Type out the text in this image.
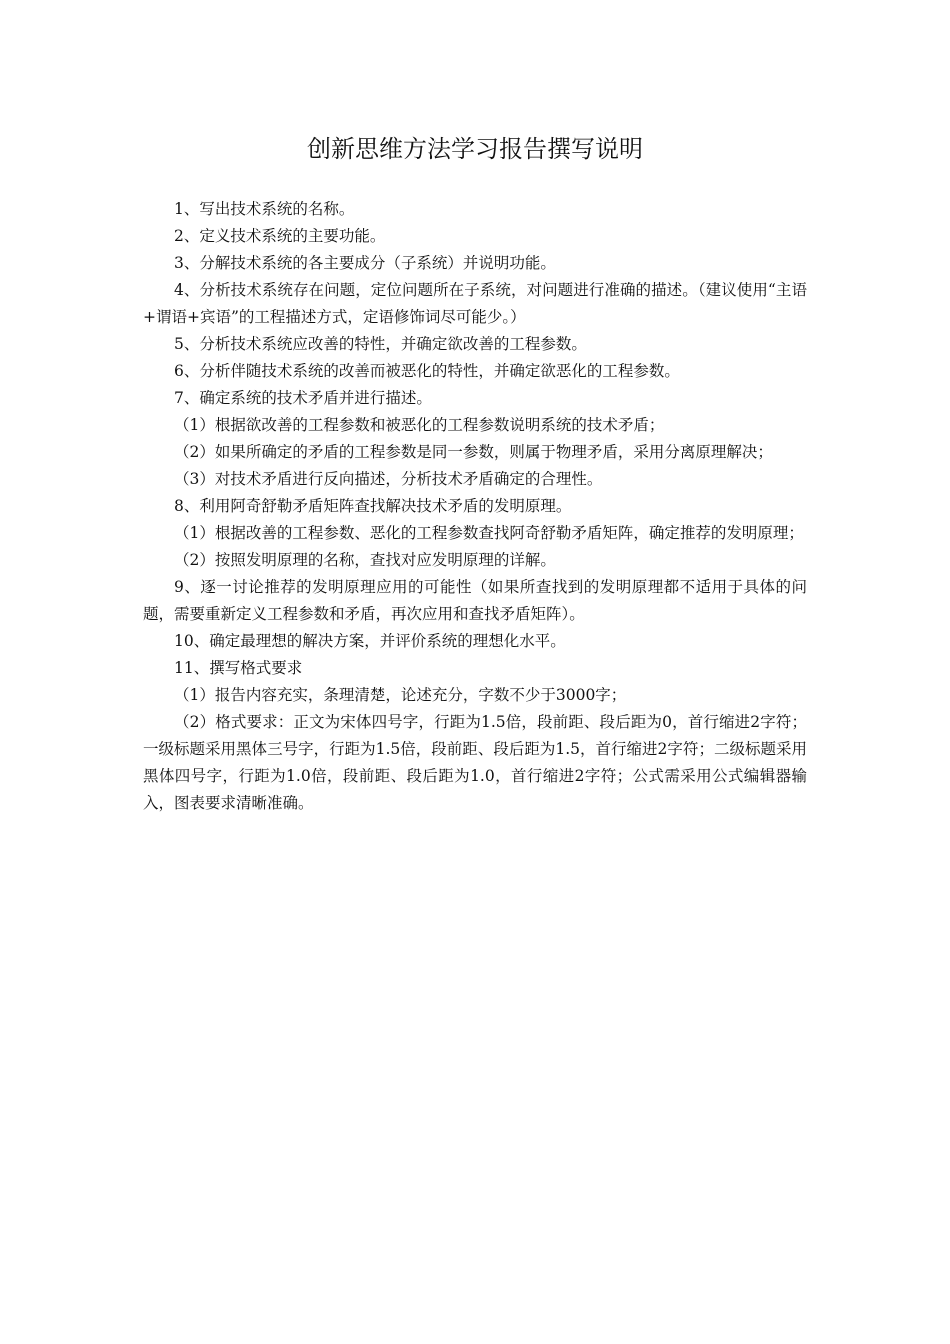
创新思维方法学习报告撰写说明

1、写出技术系统的名称。

2、定义技术系统的主要功能。

3、分解技术系统的各主要成分（子系统）并说明功能。

4、分析技术系统存在问题，定位问题所在子系统，对问题进行准确的描述。（建议使用“主语+谓语+宾语”的工程描述方式，定语修饰词尽可能少。）

5、分析技术系统应改善的特性，并确定欲改善的工程参数。

6、分析伴随技术系统的改善而被恶化的特性，并确定欲恶化的工程参数。

7、确定系统的技术矛盾并进行描述。

（1）根据欲改善的工程参数和被恶化的工程参数说明系统的技术矛盾；

（2）如果所确定的矛盾的工程参数是同一参数，则属于物理矛盾，采用分离原理解决；

（3）对技术矛盾进行反向描述，分析技术矛盾确定的合理性。

8、利用阿奇舒勒矛盾矩阵查找解决技术矛盾的发明原理。

（1）根据改善的工程参数、恶化的工程参数查找阿奇舒勒矛盾矩阵，确定推荐的发明原理；

（2）按照发明原理的名称，查找对应发明原理的详解。

9、逐一讨论推荐的发明原理应用的可能性（如果所查找到的发明原理都不适用于具体的问题，需要重新定义工程参数和矛盾，再次应用和查找矛盾矩阵）。

10、确定最理想的解决方案，并评价系统的理想化水平。

11、撰写格式要求

（1）报告内容充实，条理清楚，论述充分，字数不少于3000字；

（2）格式要求：正文为宋体四号字，行距为1.5倍，段前距、段后距为0，首行缩进2字符；一级标题采用黑体三号字，行距为1.5倍，段前距、段后距为1.5，首行缩进2字符；二级标题采用黑体四号字，行距为1.0倍，段前距、段后距为1.0，首行缩进2字符；公式需采用公式编辑器输入，图表要求清晰准确。
